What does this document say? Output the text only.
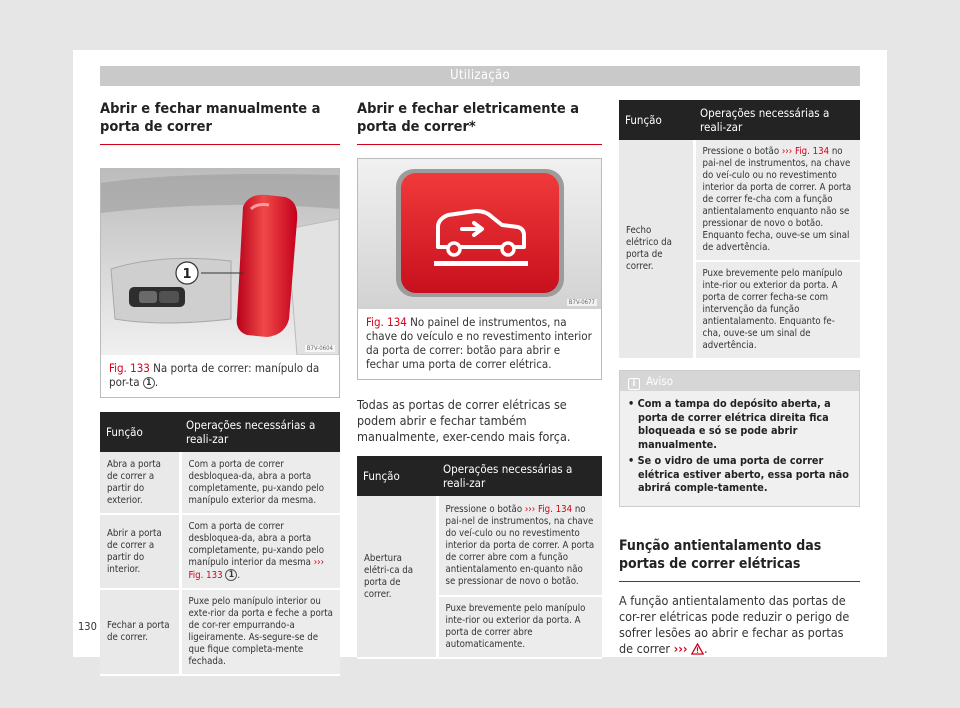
Utilização
Abrir e fechar manualmente a porta de correr
1
B7V-0604
Fig. 133 Na porta de correr: manípulo da por-ta 1 .
Função	Operações necessárias a reali-zar
Abra a porta de correr a partir do exterior.	Com a porta de correr desbloquea-da, abra a porta completamente, pu-xando pelo manípulo exterior da mesma.
Abrir a porta de correr a partir do interior.	Com a porta de correr desbloquea-da, abra a porta completamente, pu-xando pelo manípulo interior da mesma ››› Fig. 133 1 .
Fechar a porta de correr.	Puxe pelo manípulo interior ou exte-rior da porta e feche a porta de cor-rer empurrando-a ligeiramente. As-segure-se de que fique completa-mente fechada.
Abrir e fechar eletricamente a porta de correr*
B7V-0677
Fig. 134 No painel de instrumentos, na chave do veículo e no revestimento interior da porta de correr: botão para abrir e fechar uma porta de correr elétrica.
Todas as portas de correr elétricas se podem abrir e fechar também manualmente, exer-cendo mais força.
Função	Operações necessárias a reali-zar
Abertura elétri-ca da porta de correr.	Pressione o botão ››› Fig. 134 no pai-nel de instrumentos, na chave do veí-culo ou no revestimento interior da porta de correr. A porta de correr abre com a função antientalamento en-quanto não se pressionar de novo o botão.
	Puxe brevemente pelo manípulo inte-rior ou exterior da porta. A porta de correr abre automaticamente.
Função	Operações necessárias a reali-zar
Fecho elétrico da porta de correr.	Pressione o botão ››› Fig. 134 no pai-nel de instrumentos, na chave do veí-culo ou no revestimento interior da porta de correr. A porta de correr fe-cha com a função antientalamento enquanto não se pressionar de novo o botão. Enquanto fecha, ouve-se um sinal de advertência.
	Puxe brevemente pelo manípulo inte-rior ou exterior da porta. A porta de correr fecha-se com intervenção da função antientalamento. Enquanto fe-cha, ouve-se um sinal de advertência.
i Aviso

• Com a tampa do depósito aberta, a porta de correr elétrica direita fica bloqueada e só se pode abrir manualmente.

• Se o vidro de uma porta de correr elétrica estiver aberto, essa porta não abrirá comple-tamente.

Função antientalamento das portas de correr elétricas
A função antientalamento das portas de cor-rer elétricas pode reduzir o perigo de sofrer lesões ao abrir e fechar as portas de correr ››› .
130
